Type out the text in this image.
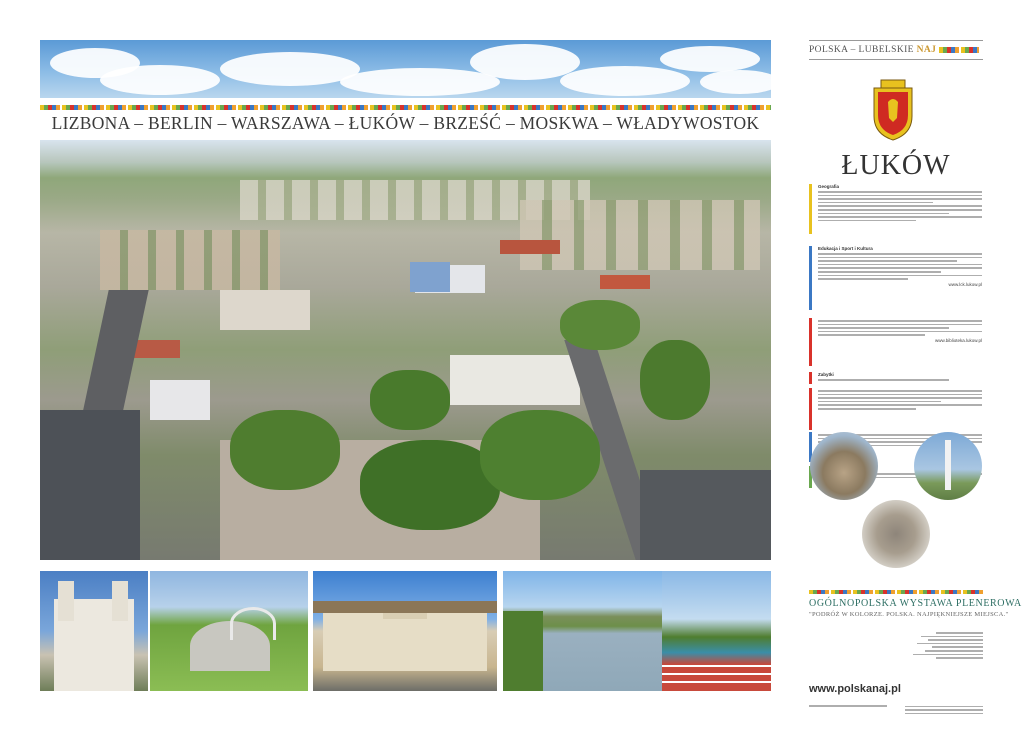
LIZBONA – BERLIN – WARSZAWA – ŁUKÓW – BRZEŚĆ – MOSKWA – WŁADYWOSTOK
POLSKA – LUBELSKIE NAJ
ŁUKÓW
Geografia
Edukacja i Sport i Kultura
www.lck.lukow.pl
www.biblioteka.lukow.pl
Zabytki
OGÓLNOPOLSKA WYSTAWA PLENEROWA
"PODRÓŻ W KOLORZE. POLSKA. NAJPIĘKNIEJSZE MIEJSCA."
www.polskanaj.pl
